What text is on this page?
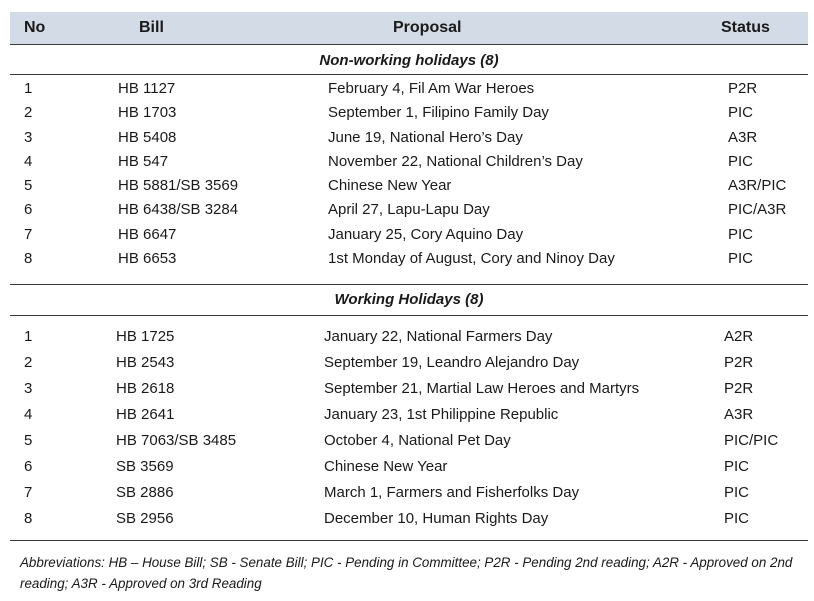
No	Bill	Proposal	Status
Non-working holidays (8)
1	HB 1127	February 4, Fil Am War Heroes	P2R
2	HB 1703	September 1, Filipino Family Day	PIC
3	HB 5408	June 19, National Hero’s Day	A3R
4	HB 547	November 22, National Children’s Day	PIC
5	HB 5881/SB 3569	Chinese New Year	A3R/PIC
6	HB 6438/SB 3284	April 27, Lapu-Lapu Day	PIC/A3R
7	HB 6647	January 25, Cory Aquino Day	PIC
8	HB 6653	1st Monday of August, Cory and Ninoy Day	PIC
Working Holidays (8)
1	HB 1725	January 22, National Farmers Day	A2R
2	HB 2543	September 19, Leandro Alejandro Day	P2R
3	HB 2618	September 21, Martial Law Heroes and Martyrs	P2R
4	HB 2641	January 23, 1st Philippine Republic	A3R
5	HB 7063/SB 3485	October 4, National Pet Day	PIC/PIC
6	SB 3569	Chinese New Year	PIC
7	SB 2886	March 1, Farmers and Fisherfolks Day	PIC
8	SB 2956	December 10, Human Rights Day	PIC
Abbreviations: HB – House Bill; SB - Senate Bill; PIC - Pending in Committee; P2R - Pending 2nd reading; A2R - Approved on 2nd reading; A3R - Approved on 3rd Reading
